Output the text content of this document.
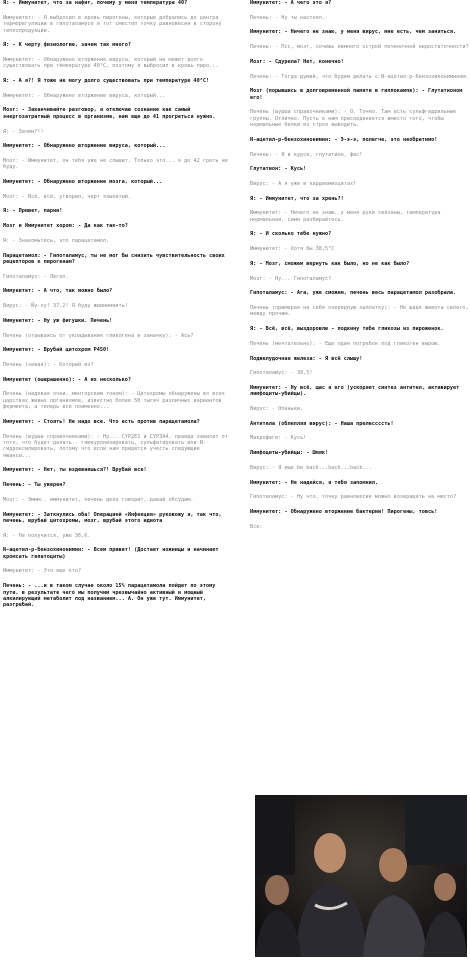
Я: - Иммунитет, что за нафиг, почему у меня температура 40?

Иммунитет: - Я выбросил в кровь пирогены, которые добрались до центра терморегуляции в гипоталамусе и тот сместил точку равновесия в сторону теплопродукции.

Я: - К черту физиологию, зачем так много?

Иммунитет: - Обнаружено вторжение вируса, который не может долго существовать при температуре 40°С, поэтому я выбросил в кровь пиро...

Я: - А я?! Я тоже не могу долго существовать при температуре 40°С!

Иммунитет: - Обнаружено вторжение вируса, который...

Мозг: - Заканчивайте разговор, я отключаю сознание как самый энергозатратный процесс в организме, нам еще до 41 прогреться нужно.

Я: - Зачем?!!

Иммунитет: - Обнаружено вторжение вируса, который...

Мозг: - Иммунитет, он тебя уже не слышит. Только это... я до 42 греть не буду.

Иммунитет: - Обнаружено вторжение мозга, который...

Мозг: - Всё, всё, угворил, черт языкатый.

Я: - Привет, парни!

Мозг и Иммунитет хором: - Да как так-то?

Я: - Знакомьтесь, это парацетамол.

Парацетамол: - Гипоталамус, ты не мог бы снизить чувствительность своих рецепторов к пирогенам?

Гипоталамус: - Легко.

Иммунитет: - А что, так можно было?

Вирус: - Йу-ху! 37,2! Я буду жииииииить!

Иммунитет: - Ну уж фигушки. Печень!

Печень (отрываясь от укладывания гликогена в заначку): - Ась?

Иммунитет: - Врубай цитохром Р450!

Печень (зевая): - Который из?

Иммунитет (ошарашенно): - А их несколько?

Печень (надевая очки, менторским тоном): - Цитохромы обнаружены во всех царствах живых организмов, известно более 50 тысяч различных вариантов фермента, а теперь все поименно...

Иммунитет: - Стоять! Не надо все. Что есть против парацетамола?

Печень (шурша справочниками): - Ну... CYP2E1 и CYP3A4, правда зависит от того, что будет делать - глюкуронизировать, сульфатировать или N-гидроксилировать, потому что если нам придется учесть следующие нюансы...

Иммунитет: - Нет, ты издеваешься?! Врубай все!

Печень: - Ты уверен?

Мозг: - Эммм.. иммунитет, печень дело говорит, давай обсудим.

Иммунитет: - Заткнулись оба! Операцией «Инфекция» руковожу я, так что, печень, врубай цитохромы, мозг, врубай этого идиота

Я: - Не получится, уже 36,6.

N-ацетил-р-бензохинонимин: - Всем привет! (Достает ножницы и начинает кромсать гепатоциты)

Иммунитет: - Это еще кто?

Печень: - ...и в таком случае около 15% парацетамола пойдет по этому пути, в результате чего мы получим чрезвычайно активный и мощный алкилирующий метаболит под названием... А. Он уже тут. Иммунитет, разгребай.

Иммунитет: - А чего это я?

Печень: - Ну ты настоял.

Иммунитет: - Ничего не знаю, у меня вирус, мне есть, чем заняться.

Печень: - Псс, мозг, хочешь немного острой печеночной недостаточности?

Мозг: - Сдурела? Нет, конечно!

Печень: - Тогда думай, что будем делать с N-ацетил-р-бензохинонимином.

Мозг (порывшись в долговременной памяти в гиппокампе): - Глутатионом его!

Печень (шурша справочниками): - О. Точно. Там есть сульфгидрильные группы. Отлично. Пусть к ним присоединяется вместо того, чтобы нормальные белки из строя выводить.

N-ацетил-р-бензохинонимин: - Э-э-э, полегче, это необратимо!

Печень: - Я в курсе, глутатион, фас!

Глутатион: - Кусь!

Вирус: - А я уже в кардиомиоцитах!

Я: - Иммунитет, что за хрень?!

Иммунитет: - Ничего не знаю, у меня руки связаны, температура нормальная, сами разбирайтесь.

Я: - И сколько тебе нужно?

Иммунитет: - Хотя бы 38,5°С

Я: - Мозг, сможем вернуть как было, но не как было?

Мозг: - Ну... Гипоталамус?

Гипоталамус: - Ага, уже сможем, печень весь парацетамол разобрала.

Печень (примерая на себя очередную заплатку): - Не щадя живота своего, между прочим.

Я: - Всё, всё, выздоровлю - подкину тебе гликозы из пироженок.

Печень (мечтательно): - Еще один погребок под гликоген вырою.

Поджелудочная железа: - Я всё слышу!

Гипоталамус: - 38,5!

Иммунитет: - Ну всё, щас я его (ускоряет синтез антител, активирует лимфоциты-убийцы).

Вирус: - Опаньки.

Антитела (облепляя вирус): - Наша прелессссть!

Макрофаги: - Кусь!

Лимфоциты-убийцы: - Шмяк!

Вирус: - Я еще be back...back...back...

Иммунитет: - Не надейся, я тебя запомнил.

Гипоталамус: - Ну что, точку равновесия можно возвращать на место?

Иммунитет: - Обнаружено вторжение бактерии! Пирогены, товсь!

Все:
